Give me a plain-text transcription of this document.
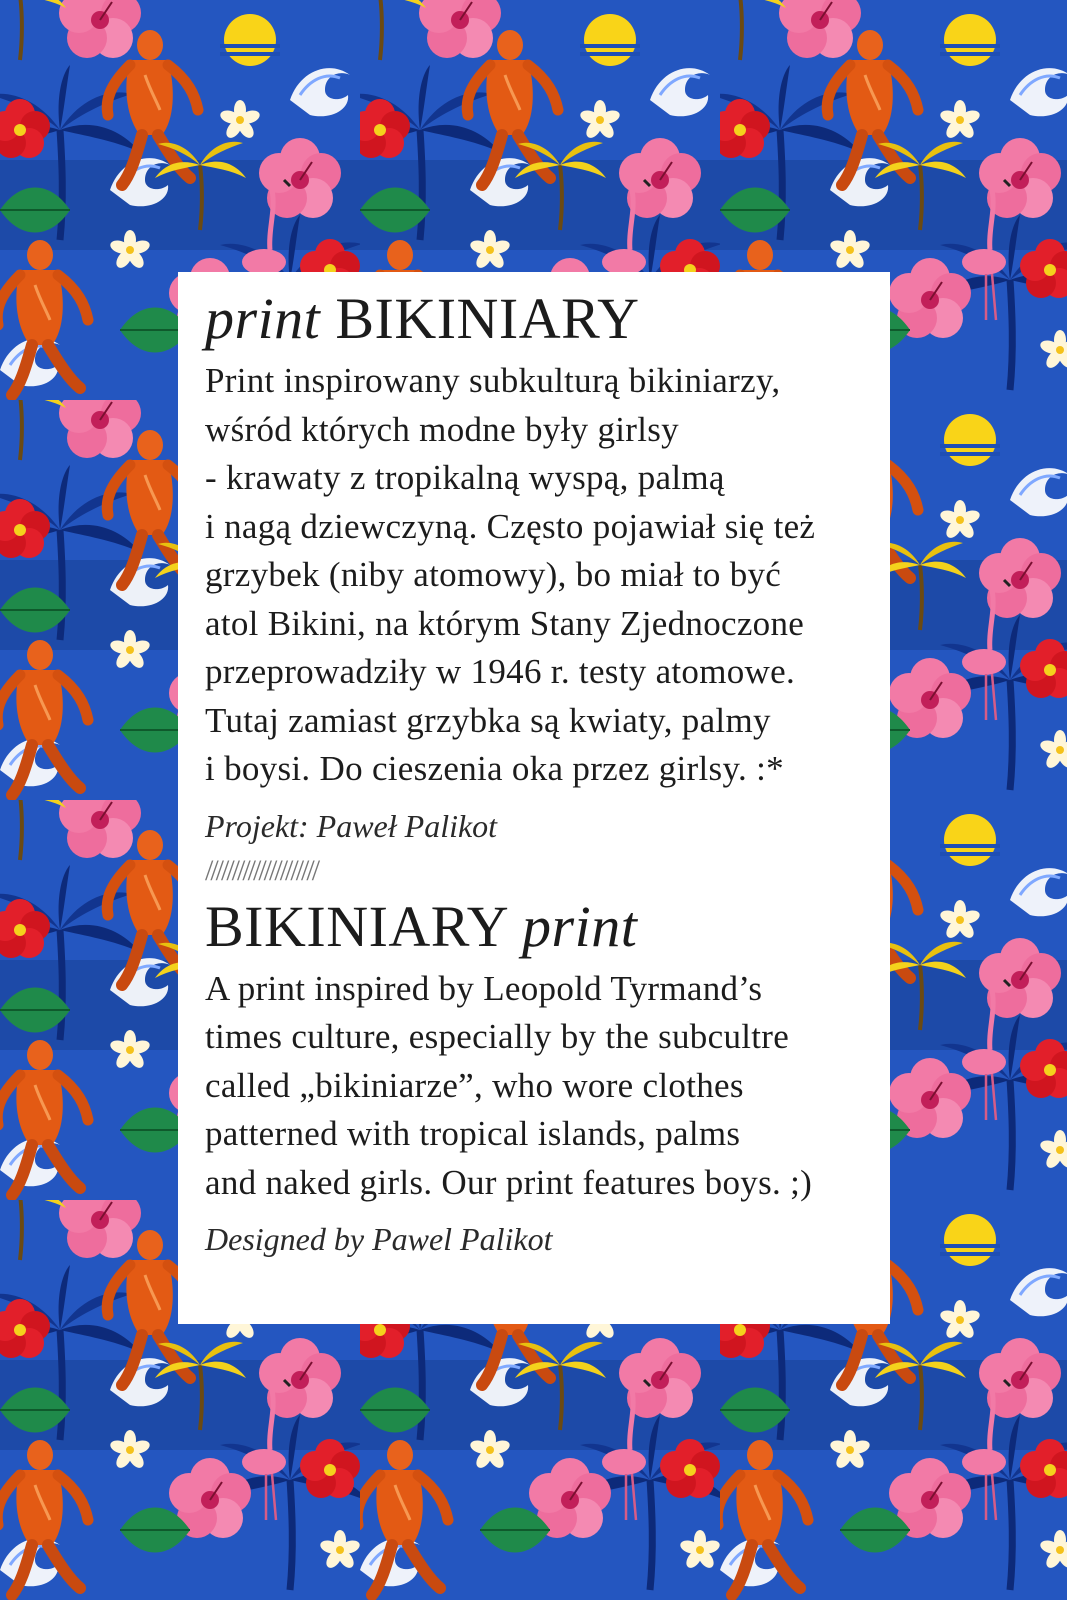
print BIKINIARY

Print inspirowany subkulturą bikiniarzy,
wśród których modne były girlsy
- krawaty z tropikalną wyspą, palmą
i nagą dziewczyną. Często pojawiał się też
grzybek (niby atomowy), bo miał to być
atol Bikini, na którym Stany Zjednoczone
przeprowadziły w 1946 r. testy atomowe.
Tutaj zamiast grzybka są kwiaty, palmy
i boysi. Do cieszenia oka przez girlsy. :*

Projekt: Paweł Palikot

/////////////////////

BIKINIARY print

A print inspired by Leopold Tyrmand’s
times culture, especially by the subcultre
called „bikiniarze”, who wore clothes
patterned with tropical islands, palms
and naked girls. Our print features boys. ;)

Designed by Pawel Palikot
